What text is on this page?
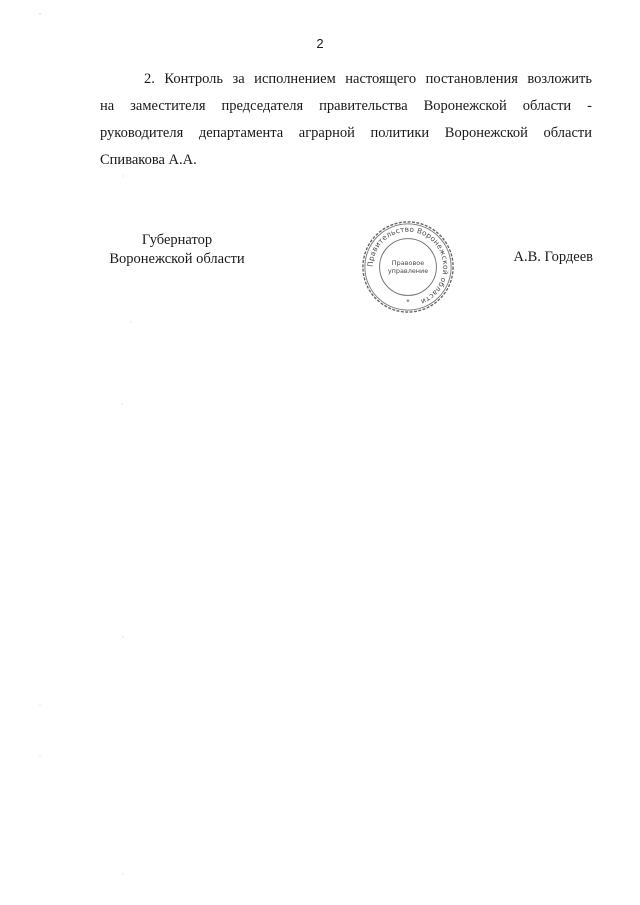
2
2. Контроль за исполнением настоящего постановления возложить
на заместителя председателя правительства Воронежской области -
руководителя департамента аграрной политики Воронежской области
Спивакова А.А.
Губернатор
Воронежской области	Правительство Воронежской области
Правовое
управление
*
А.В. Гордеев
